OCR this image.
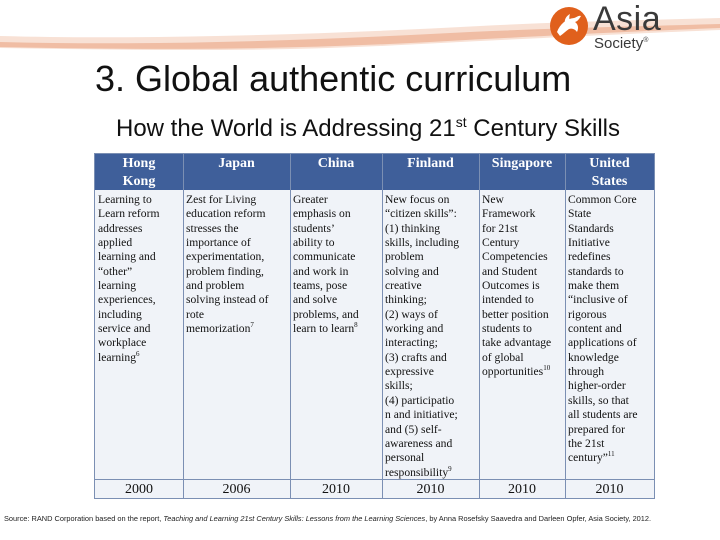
Asia
Society®
3. Global authentic curriculum
How the World is Addressing 21st Century Skills
Hong
Kong
Learning to
Learn reform
addresses
applied
learning and
“other”
learning
experiences,
including
service and
workplace
learning$^6$
2000
Japan
Zest for Living
education reform
stresses the
importance of
experimentation,
problem finding,
and problem
solving instead of
rote
memorization$^7$
2006
China
Greater
emphasis on
students’
ability to
communicate
and work in
teams, pose
and solve
problems, and
learn to learn$^8$
2010
Finland
New focus on
“citizen skills”:
(1) thinking
skills, including
problem
solving and
creative
thinking;
(2) ways of
working and
interacting;
(3) crafts and
expressive
skills;
(4) participatio
n and initiative;
and (5) self-
awareness and
personal
responsibility$^9$
2010
Singapore
New
Framework
for 21st
Century
Competencies
and Student
Outcomes is
intended to
better position
students to
take advantage
of global
opportunities$^{10}$
2010
United
States
Common Core
State
Standards
Initiative
redefines
standards to
make them
“inclusive of
rigorous
content and
applications of
knowledge
through
higher-order
skills, so that
all students are
prepared for
the 21st
century”$^{11}$
2010
Source: RAND Corporation based on the report, Teaching and Learning 21st Century Skills: Lessons from the Learning Sciences, by Anna Rosefsky Saavedra and Darleen Opfer, Asia Society, 2012.
